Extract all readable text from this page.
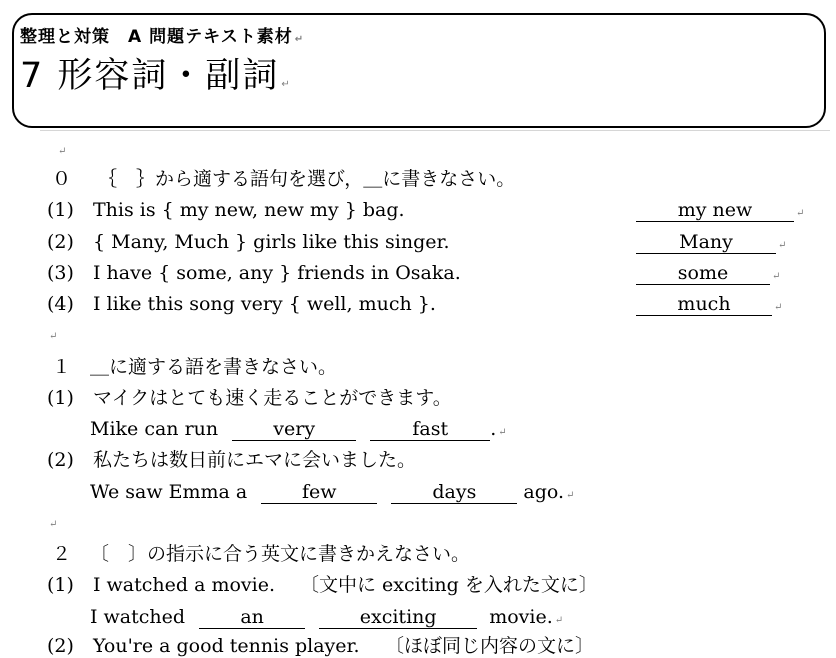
整理と対策　A 問題テキスト素材 ↵
7 形容詞・副詞 ↵
↵
０ ｛　｝から適する語句を選び，＿に書きなさい。
(1) This is { my new, new my } bag.	my new	↵
(2) { Many, Much } girls like this singer.	Many	↵
(3) I have { some, any } friends in Osaka.	some	↵
(4) I like this song very { well, much }.	much	↵
↵
１ ＿に適する語を書きなさい。
(1) マイクはとても速く走ることができます。
Mike can run	very	fast . ↵
(2) 私たちは数日前にエマに会いました。
We saw Emma a	few	days ago. ↵
↵
２ 〔　〕の指示に合う英文に書きかえなさい。
(1) I watched a movie. 〔文中に exciting を入れた文に〕
I watched	an	exciting	movie. ↵
(2) You're a good tennis player. 〔ほぼ同じ内容の文に〕
